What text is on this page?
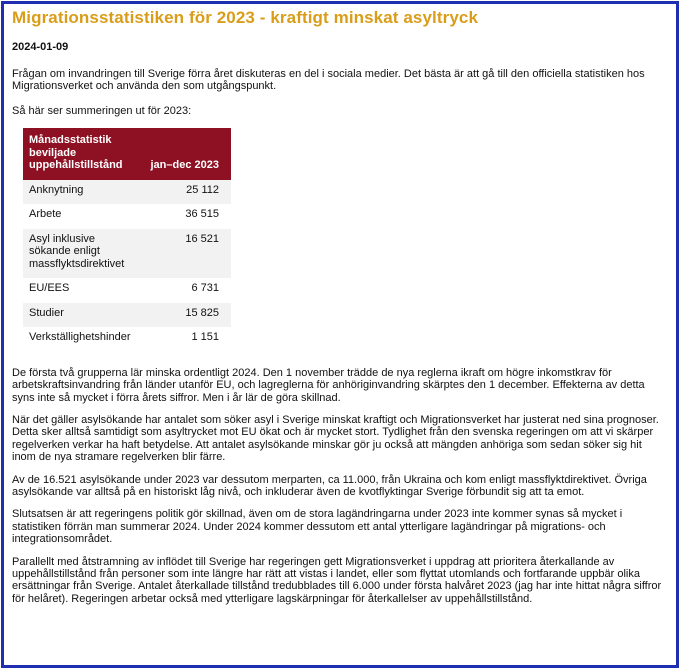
Migrationsstatistiken för 2023 - kraftigt minskat asyltryck
2024-01-09

Frågan om invandringen till Sverige förra året diskuteras en del i sociala medier. Det bästa är att gå till den officiella statistiken hos Migrationsverket och använda den som utgångspunkt.

Så här ser summeringen ut för 2023:

Månadsstatistik beviljade uppehållstillstånd	jan–dec 2023
Anknytning	25 112
Arbete	36 515
Asyl inklusive sökande enligt massflyktsdirektivet	16 521
EU/EES	6 731
Studier	15 825
Verkställighetshinder	1 151

De första två grupperna lär minska ordentligt 2024. Den 1 november trädde de nya reglerna ikraft om högre inkomstkrav för arbetskraftsinvandring från länder utanför EU, och lagreglerna för anhöriginvandring skärptes den 1 december. Effekterna av detta syns inte så mycket i förra årets siffror. Men i år lär de göra skillnad.

När det gäller asylsökande har antalet som söker asyl i Sverige minskat kraftigt och Migrationsverket har justerat ned sina prognoser. Detta sker alltså samtidigt som asyltrycket mot EU ökat och är mycket stort. Tydlighet från den svenska regeringen om att vi skärper regelverken verkar ha haft betydelse. Att antalet asylsökande minskar gör ju också att mängden anhöriga som sedan söker sig hit inom de nya stramare regelverken blir färre.

Av de 16.521 asylsökande under 2023 var dessutom merparten, ca 11.000, från Ukraina och kom enligt massflyktdirektivet. Övriga asylsökande var alltså på en historiskt låg nivå, och inkluderar även de kvotflyktingar Sverige förbundit sig att ta emot.

Slutsatsen är att regeringens politik gör skillnad, även om de stora lagändringarna under 2023 inte kommer synas så mycket i statistiken förrän man summerar 2024. Under 2024 kommer dessutom ett antal ytterligare lagändringar på migrations- och integrationsområdet.

Parallellt med åtstramning av inflödet till Sverige har regeringen gett Migrationsverket i uppdrag att prioritera återkallande av uppehållstillstånd från personer som inte längre har rätt att vistas i landet, eller som flyttat utomlands och fortfarande uppbär olika ersättningar från Sverige. Antalet återkallade tillstånd tredubblades till 6.000 under första halvåret 2023 (jag har inte hittat några siffror för helåret). Regeringen arbetar också med ytterligare lagskärpningar för återkallelser av uppehållstillstånd.
